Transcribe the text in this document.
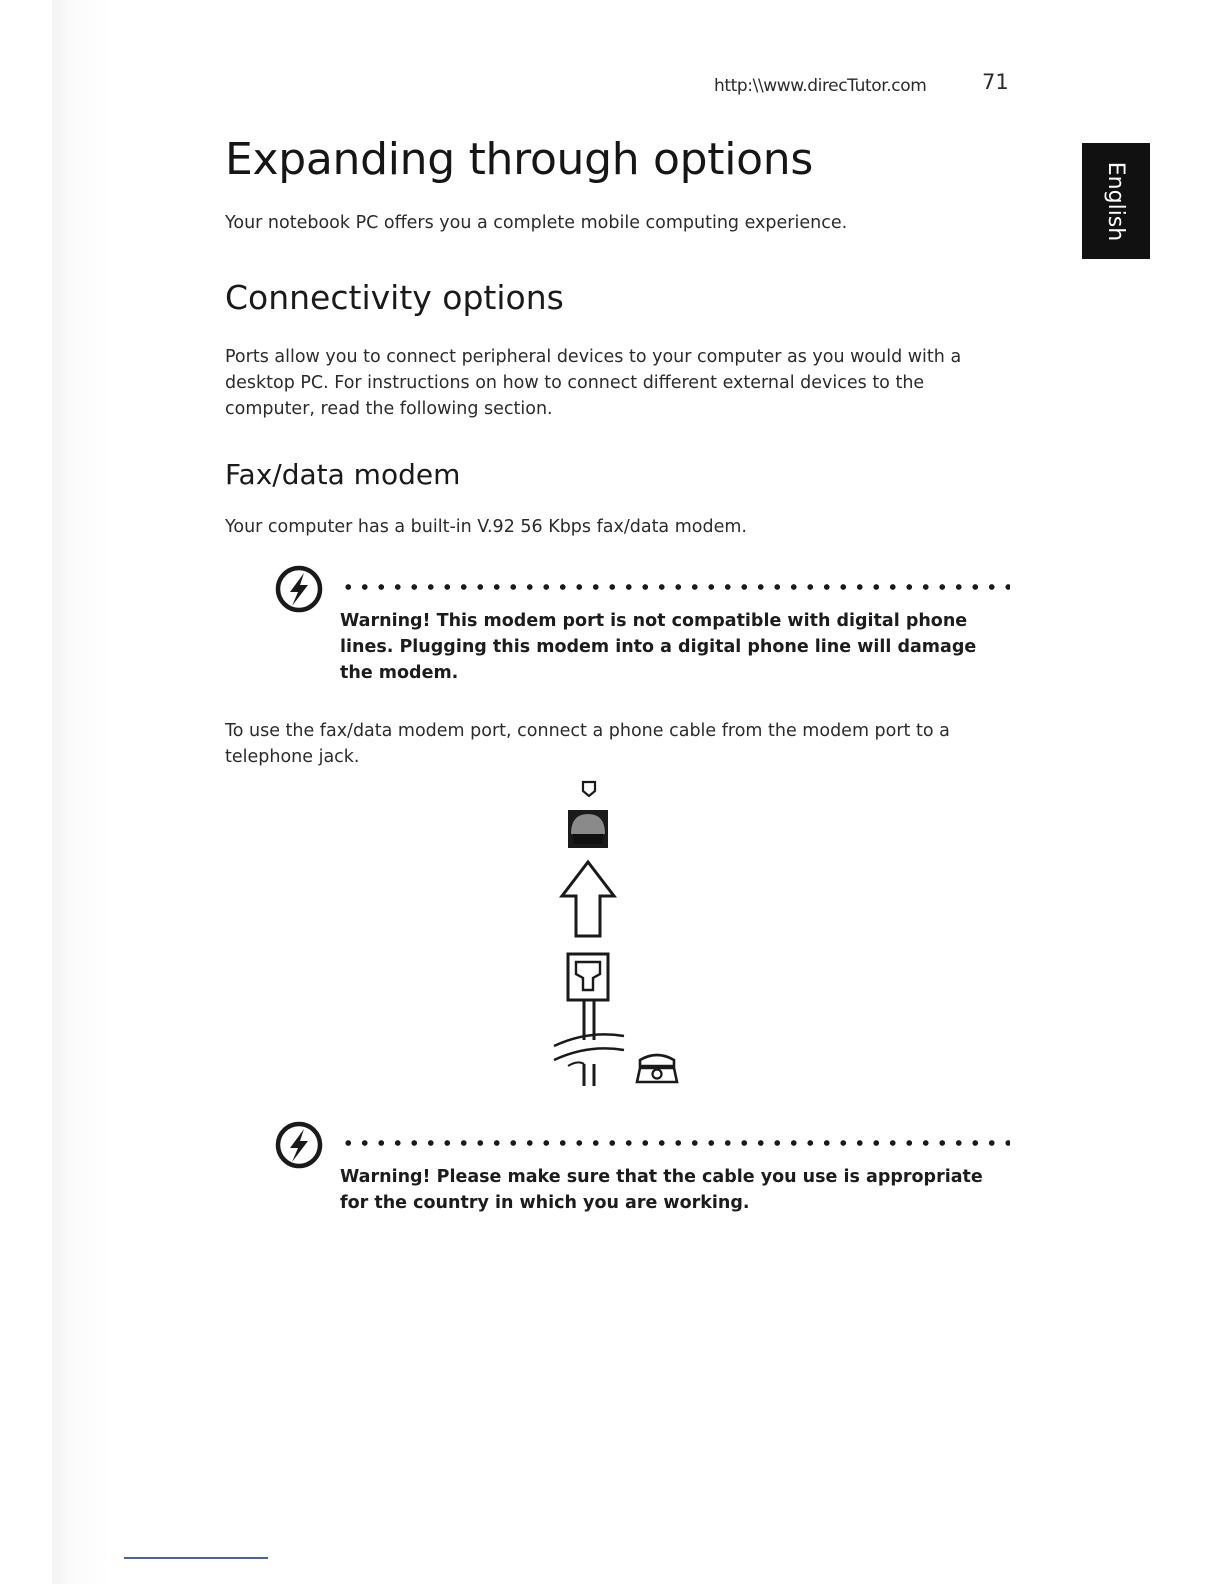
http:\\www.direcTutor.com	71
English
Expanding through options

Your notebook PC offers you a complete mobile computing experience.

Connectivity options

Ports allow you to connect peripheral devices to your computer as you would with a desktop PC. For instructions on how to connect different external devices to the computer, read the following section.

Fax/data modem

Your computer has a built-in V.92 56 Kbps fax/data modem.

Warning! This modem port is not compatible with digital phone lines. Plugging this modem into a digital phone line will damage the modem.

To use the fax/data modem port, connect a phone cable from the modem port to a telephone jack.

Warning! Please make sure that the cable you use is appropriate for the country in which you are working.
